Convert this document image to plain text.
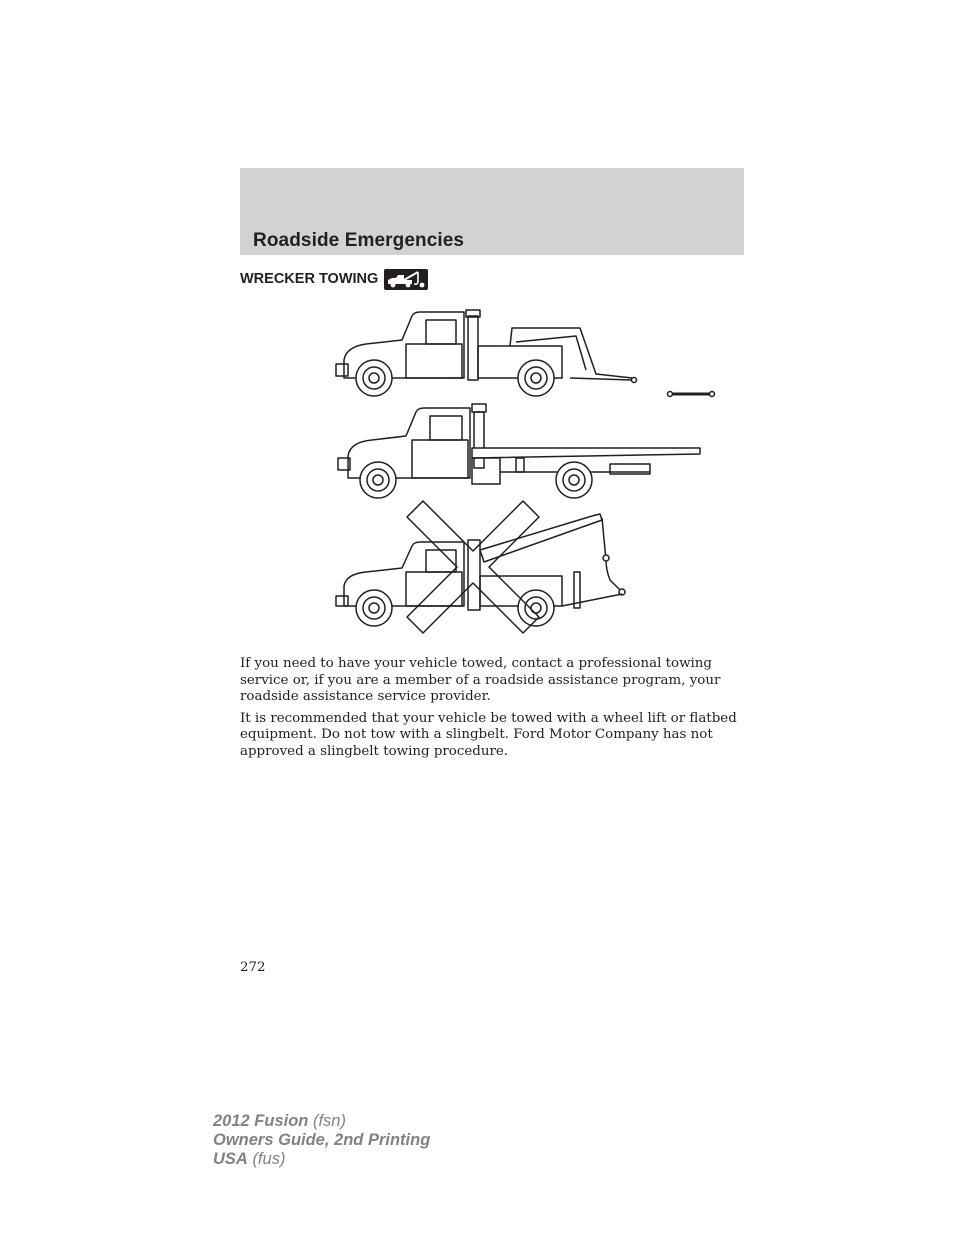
Roadside Emergencies
WRECKER TOWING

If you need to have your vehicle towed, contact a professional towing service or, if you are a member of a roadside assistance program, your roadside assistance service provider.

It is recommended that your vehicle be towed with a wheel lift or flatbed equipment. Do not tow with a slingbelt. Ford Motor Company has not approved a slingbelt towing procedure.

272
2012 Fusion (fsn)
Owners Guide, 2nd Printing
USA (fus)
